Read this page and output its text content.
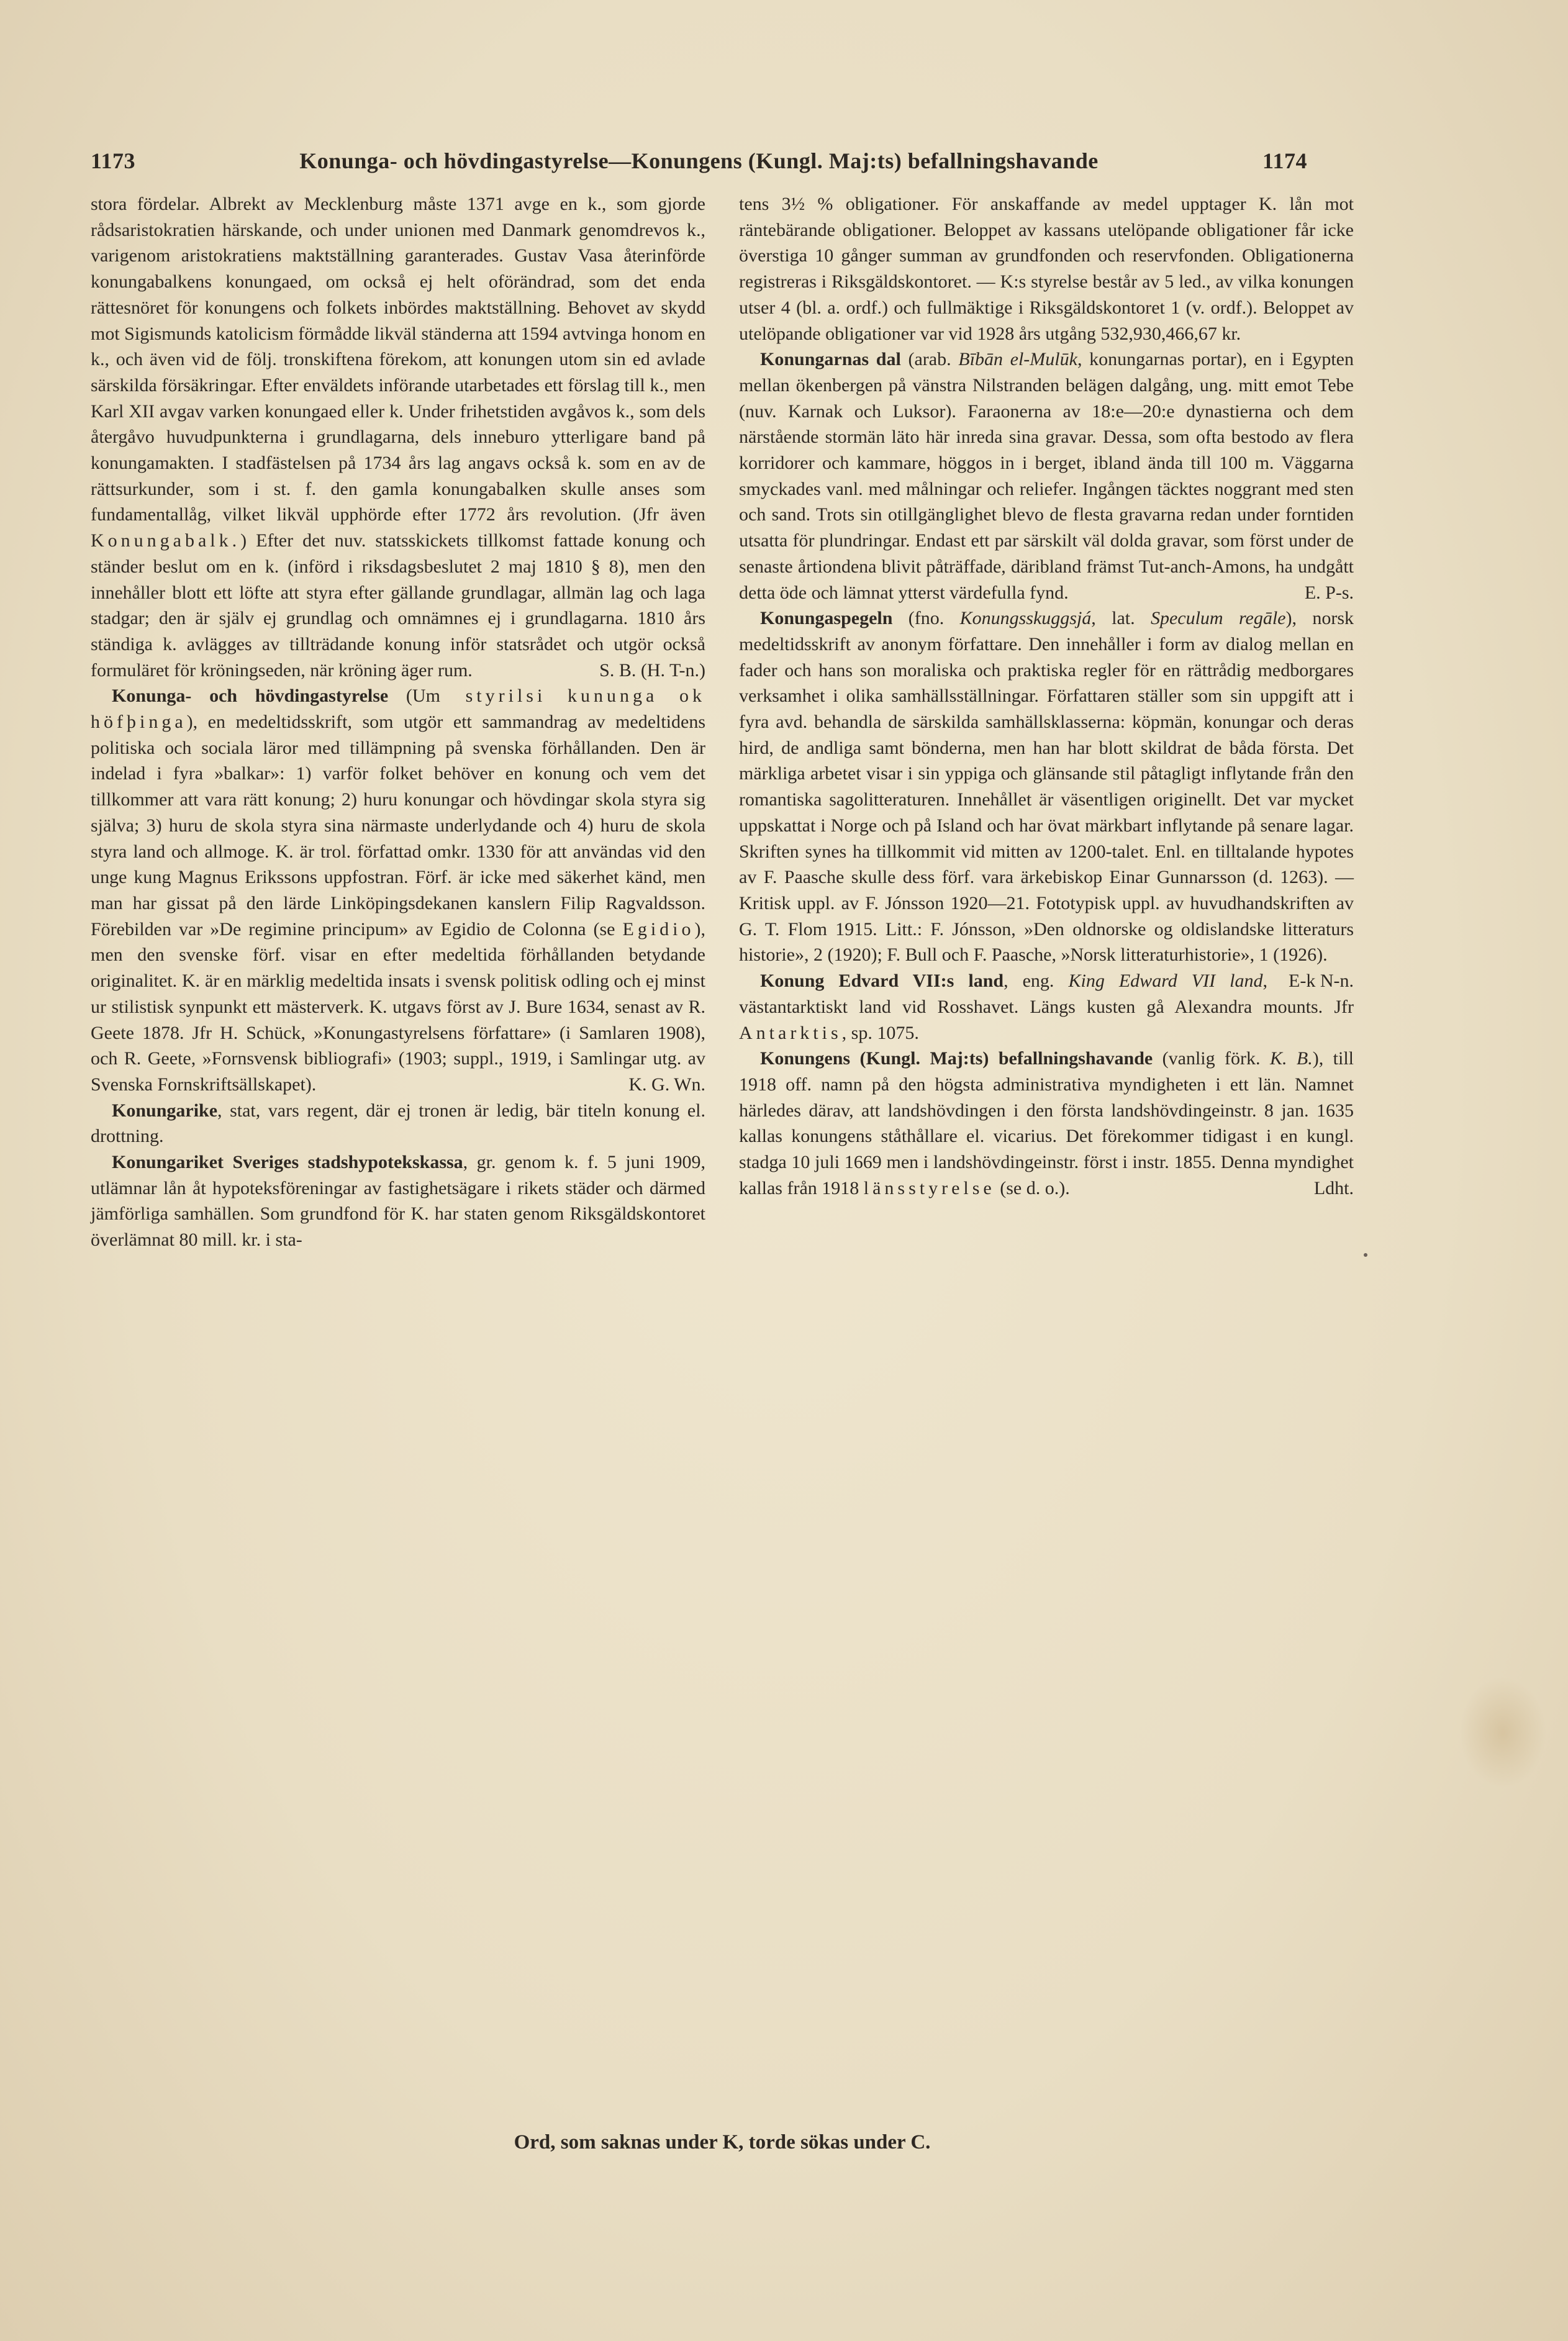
1173	Konunga- och hövdingastyrelse—Konungens (Kungl. Maj:ts) befallningshavande	1174

stora fördelar. Albrekt av Mecklenburg måste 1371 avge en k., som gjorde rådsaristokratien härskande, och under unionen med Danmark genomdrevos k., varigenom aristokratiens maktställning garanterades. Gustav Vasa återinförde konungabalkens konungaed, om också ej helt oförändrad, som det enda rättesnöret för konungens och folkets inbördes maktställning. Behovet av skydd mot Sigismunds katolicism förmådde likväl ständerna att 1594 avtvinga honom en k., och även vid de följ. tronskiftena förekom, att konungen utom sin ed avlade särskilda försäkringar. Efter enväldets införande utarbetades ett förslag till k., men Karl XII avgav varken konungaed eller k. Under frihetstiden avgåvos k., som dels återgåvo huvudpunkterna i grundlagarna, dels inneburo ytterligare band på konungamakten. I stadfästelsen på 1734 års lag angavs också k. som en av de rättsurkunder, som i st. f. den gamla konungabalken skulle anses som fundamentallåg, vilket likväl upphörde efter 1772 års revolution. (Jfr även Konungabalk.) Efter det nuv. statsskickets tillkomst fattade konung och ständer beslut om en k. (införd i riksdagsbeslutet 2 maj 1810 § 8), men den innehåller blott ett löfte att styra efter gällande grundlagar, allmän lag och laga stadgar; den är själv ej grundlag och omnämnes ej i grundlagarna. 1810 års ständiga k. avlägges av tillträdande konung inför statsrådet och utgör också formuläret för kröningseden, när kröning äger rum.	S. B. (H. T-n.)

Konunga- och hövdingastyrelse (Um styrilsi kununga ok höfþinga), en medeltidsskrift, som utgör ett sammandrag av medeltidens politiska och sociala läror med tillämpning på svenska förhållanden. Den är indelad i fyra »balkar»: 1) varför folket behöver en konung och vem det tillkommer att vara rätt konung; 2) huru konungar och hövdingar skola styra sig själva; 3) huru de skola styra sina närmaste underlydande och 4) huru de skola styra land och allmoge. K. är trol. författad omkr. 1330 för att användas vid den unge kung Magnus Erikssons uppfostran. Förf. är icke med säkerhet känd, men man har gissat på den lärde Linköpingsdekanen kanslern Filip Ragvaldsson. Förebilden var »De regimine principum» av Egidio de Colonna (se Egidio), men den svenske förf. visar en efter medeltida förhållanden betydande originalitet. K. är en märklig medeltida insats i svensk politisk odling och ej minst ur stilistisk synpunkt ett mästerverk. K. utgavs först av J. Bure 1634, senast av R. Geete 1878. Jfr H. Schück, »Konungastyrelsens författare» (i Samlaren 1908), och R. Geete, »Fornsvensk bibliografi» (1903; suppl., 1919, i Samlingar utg. av Svenska Fornskriftsällskapet).	K. G. Wn.

Konungarike, stat, vars regent, där ej tronen är ledig, bär titeln konung el. drottning.

Konungariket Sveriges stadshypotekskassa, gr. genom k. f. 5 juni 1909, utlämnar lån åt hypoteksföreningar av fastighetsägare i rikets städer och därmed jämförliga samhällen. Som grundfond för K. har staten genom Riksgäldskontoret överlämnat 80 mill. kr. i sta-

tens 3½ % obligationer. För anskaffande av medel upptager K. lån mot räntebärande obligationer. Beloppet av kassans utelöpande obligationer får icke överstiga 10 gånger summan av grundfonden och reservfonden. Obligationerna registreras i Riksgäldskontoret. — K:s styrelse består av 5 led., av vilka konungen utser 4 (bl. a. ordf.) och fullmäktige i Riksgäldskontoret 1 (v. ordf.). Beloppet av utelöpande obligationer var vid 1928 års utgång 532,930,466,67 kr.

Konungarnas dal (arab. Bībān el-Mulūk, konungarnas portar), en i Egypten mellan ökenbergen på vänstra Nilstranden belägen dalgång, ung. mitt emot Tebe (nuv. Karnak och Luksor). Faraonerna av 18:e—20:e dynastierna och dem närstående stormän läto här inreda sina gravar. Dessa, som ofta bestodo av flera korridorer och kammare, höggos in i berget, ibland ända till 100 m. Väggarna smyckades vanl. med målningar och reliefer. Ingången täcktes noggrant med sten och sand. Trots sin otillgänglighet blevo de flesta gravarna redan under forntiden utsatta för plundringar. Endast ett par särskilt väl dolda gravar, som först under de senaste årtiondena blivit påträffade, däribland främst Tut-anch-Amons, ha undgått detta öde och lämnat ytterst värdefulla fynd.	E. P-s.

Konungaspegeln (fno. Konungsskuggsjá, lat. Speculum regāle), norsk medeltidsskrift av anonym författare. Den innehåller i form av dialog mellan en fader och hans son moraliska och praktiska regler för en rättrådig medborgares verksamhet i olika samhällsställningar. Författaren ställer som sin uppgift att i fyra avd. behandla de särskilda samhällsklasserna: köpmän, konungar och deras hird, de andliga samt bönderna, men han har blott skildrat de båda första. Det märkliga arbetet visar i sin yppiga och glänsande stil påtagligt inflytande från den romantiska sagolitteraturen. Innehållet är väsentligen originellt. Det var mycket uppskattat i Norge och på Island och har övat märkbart inflytande på senare lagar. Skriften synes ha tillkommit vid mitten av 1200-talet. Enl. en tilltalande hypotes av F. Paasche skulle dess förf. vara ärkebiskop Einar Gunnarsson (d. 1263). — Kritisk uppl. av F. Jónsson 1920—21. Fototypisk uppl. av huvudhandskriften av G. T. Flom 1915. Litt.: F. Jónsson, »Den oldnorske og oldislandske litteraturs historie», 2 (1920); F. Bull och F. Paasche, »Norsk litteraturhistorie», 1 (1926).
E-k N-n.

Konung Edvard VII:s land, eng. King Edward VII land, västantarktiskt land vid Rosshavet. Längs kusten gå Alexandra mounts. Jfr Antarktis, sp. 1075.

Konungens (Kungl. Maj:ts) befallningshavande (vanlig förk. K. B.), till 1918 off. namn på den högsta administrativa myndigheten i ett län. Namnet härledes därav, att landshövdingen i den första landshövdingeinstr. 8 jan. 1635 kallas konungens ståthållare el. vicarius. Det förekommer tidigast i en kungl. stadga 10 juli 1669 men i landshövdingeinstr. först i instr. 1855. Denna myndighet kallas från 1918 länsstyrelse (se d. o.).	Ldht.

Ord, som saknas under K, torde sökas under C.
